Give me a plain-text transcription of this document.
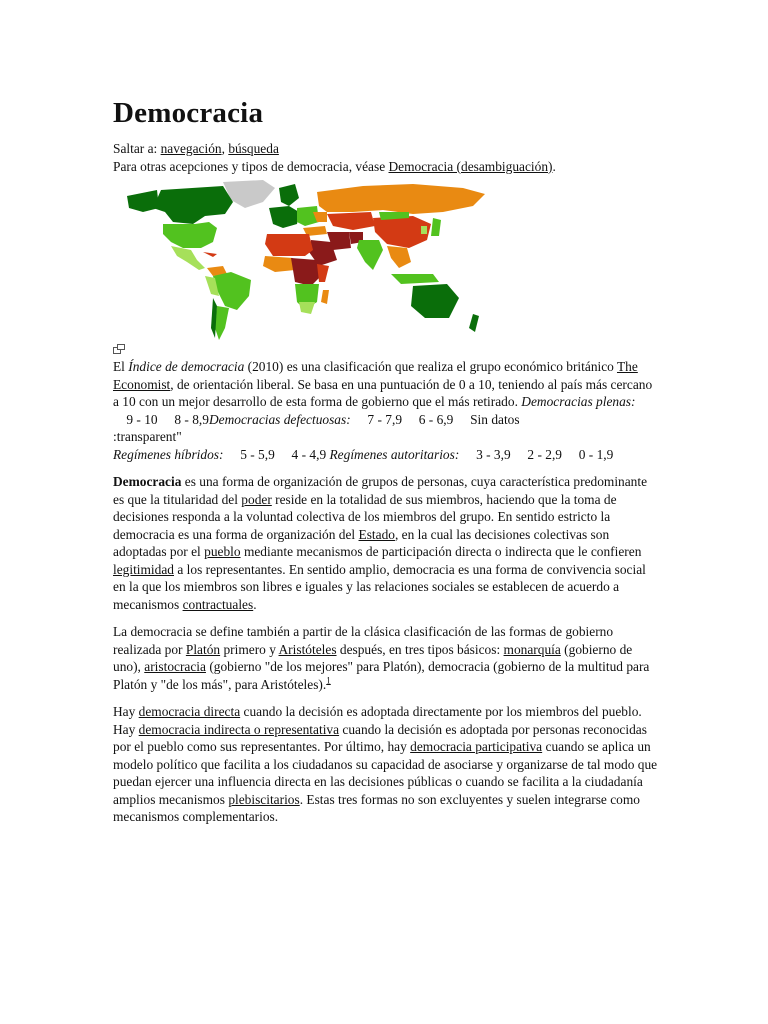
Democracia
Saltar a: navegación, búsqueda
Para otras acepciones y tipos de democracia, véase Democracia (desambiguación).
El Índice de democracia (2010) es una clasificación que realiza el grupo económico británico The Economist, de orientación liberal. Se basa en una puntuación de 0 a 10, teniendo al país más cercano a 10 con un mejor desarrollo de esta forma de gobierno que el más retirado. Democracias plenas:     9 - 10 8 - 8,9Democracias defectuosas: 7 - 7,9 6 - 6,9 Sin datos
:transparent"
Regímenes híbridos: 5 - 5,9 4 - 4,9 Regímenes autoritarios: 3 - 3,9 2 - 2,9 0 - 1,9

Democracia es una forma de organización de grupos de personas, cuya característica predominante es que la titularidad del poder reside en la totalidad de sus miembros, haciendo que la toma de decisiones responda a la voluntad colectiva de los miembros del grupo. En sentido estricto la democracia es una forma de organización del Estado, en la cual las decisiones colectivas son adoptadas por el pueblo mediante mecanismos de participación directa o indirecta que le confieren legitimidad a los representantes. En sentido amplio, democracia es una forma de convivencia social en la que los miembros son libres e iguales y las relaciones sociales se establecen de acuerdo a mecanismos contractuales.

La democracia se define también a partir de la clásica clasificación de las formas de gobierno realizada por Platón primero y Aristóteles después, en tres tipos básicos: monarquía (gobierno de uno), aristocracia (gobierno "de los mejores" para Platón), democracia (gobierno de la multitud para Platón y "de los más", para Aristóteles).$^1$

Hay democracia directa cuando la decisión es adoptada directamente por los miembros del pueblo. Hay democracia indirecta o representativa cuando la decisión es adoptada por personas reconocidas por el pueblo como sus representantes. Por último, hay democracia participativa cuando se aplica un modelo político que facilita a los ciudadanos su capacidad de asociarse y organizarse de tal modo que puedan ejercer una influencia directa en las decisiones públicas o cuando se facilita a la ciudadanía amplios mecanismos plebiscitarios. Estas tres formas no son excluyentes y suelen integrarse como mecanismos complementarios.
